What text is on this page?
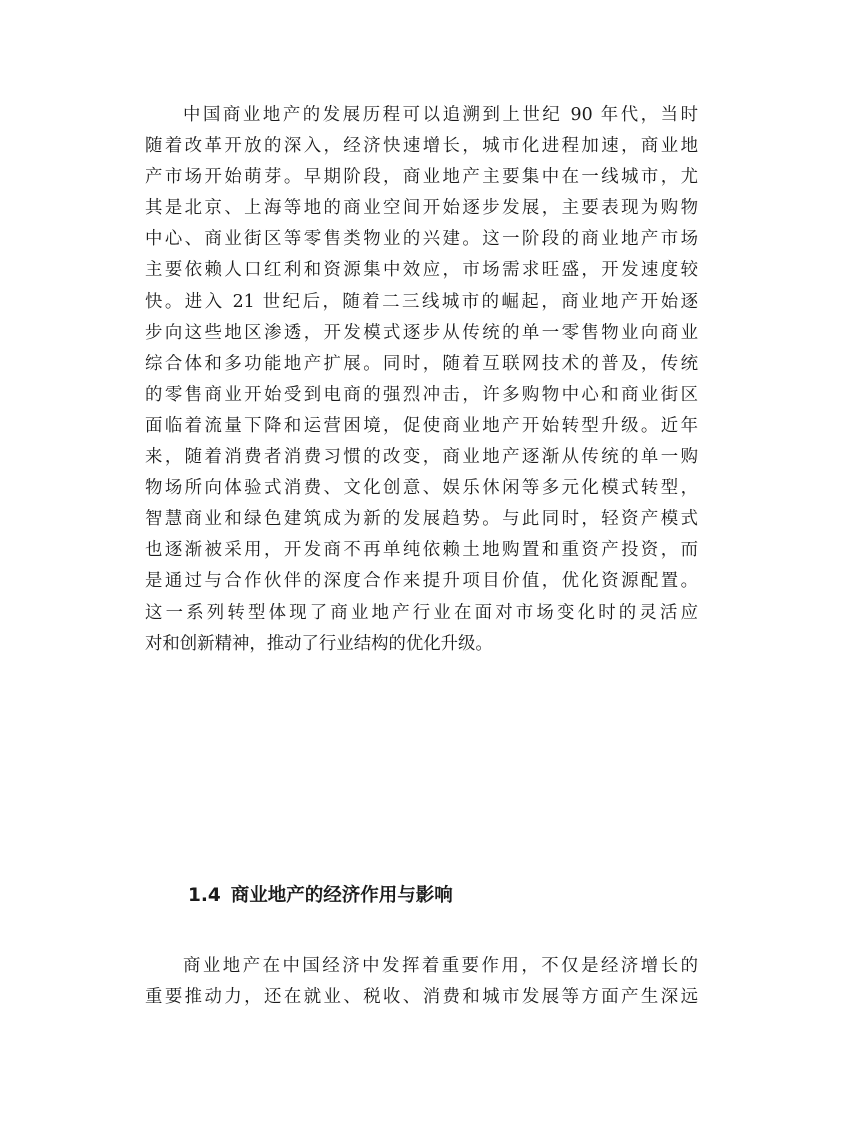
中国商业地产的发展历程可以追溯到上世纪 90 年代，当时
随着改革开放的深入，经济快速增长，城市化进程加速，商业地
产市场开始萌芽。早期阶段，商业地产主要集中在一线城市，尤
其是北京、上海等地的商业空间开始逐步发展，主要表现为购物
中心、商业街区等零售类物业的兴建。这一阶段的商业地产市场
主要依赖人口红利和资源集中效应，市场需求旺盛，开发速度较
快。进入 21 世纪后，随着二三线城市的崛起，商业地产开始逐
步向这些地区渗透，开发模式逐步从传统的单一零售物业向商业
综合体和多功能地产扩展。同时，随着互联网技术的普及，传统
的零售商业开始受到电商的强烈冲击，许多购物中心和商业街区
面临着流量下降和运营困境，促使商业地产开始转型升级。近年
来，随着消费者消费习惯的改变，商业地产逐渐从传统的单一购
物场所向体验式消费、文化创意、娱乐休闲等多元化模式转型，
智慧商业和绿色建筑成为新的发展趋势。与此同时，轻资产模式
也逐渐被采用，开发商不再单纯依赖土地购置和重资产投资，而
是通过与合作伙伴的深度合作来提升项目价值，优化资源配置。
这一系列转型体现了商业地产行业在面对市场变化时的灵活应
对和创新精神，推动了行业结构的优化升级。
1.4 商业地产的经济作用与影响
商业地产在中国经济中发挥着重要作用，不仅是经济增长的
重要推动力，还在就业、税收、消费和城市发展等方面产生深远
